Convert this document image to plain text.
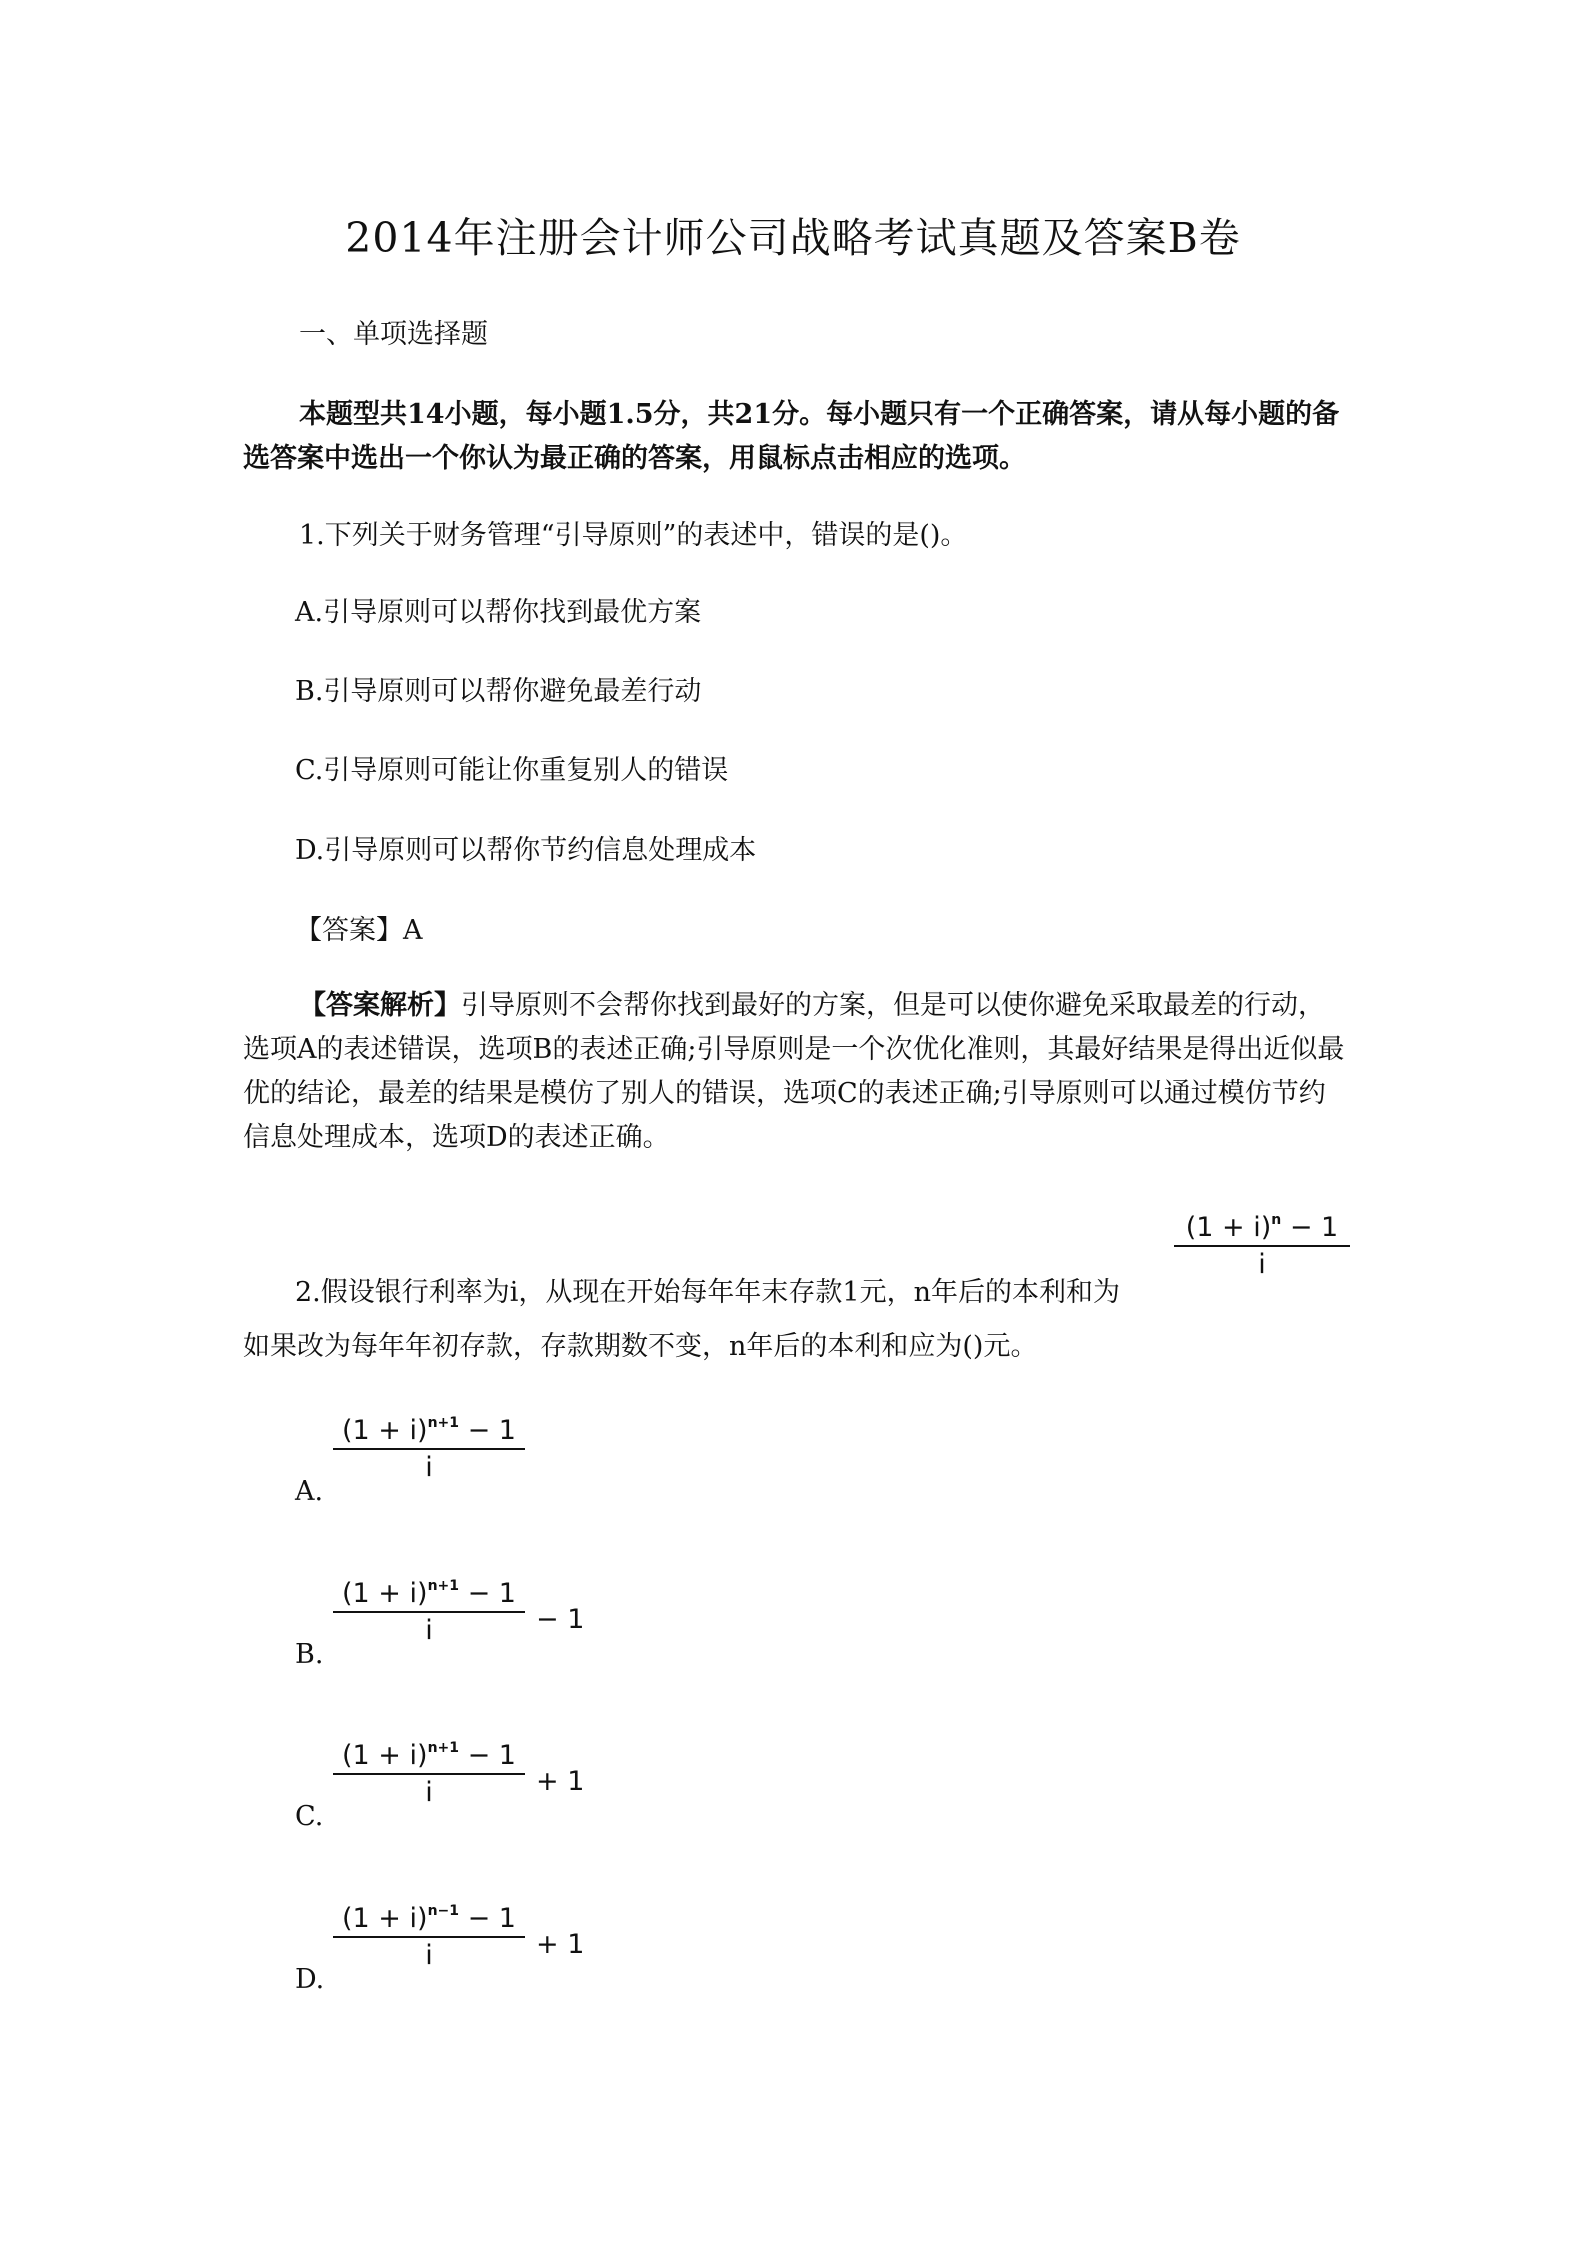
2014年注册会计师公司战略考试真题及答案B卷
一、单项选择题
本题型共14小题，每小题1.5分，共21分。每小题只有一个正确答案，请从每小题的备选答案中选出一个你认为最正确的答案，用鼠标点击相应的选项。
1.下列关于财务管理“引导原则”的表述中，错误的是()。
A.引导原则可以帮你找到最优方案
B.引导原则可以帮你避免最差行动
C.引导原则可能让你重复别人的错误
D.引导原则可以帮你节约信息处理成本
【答案】A
【答案解析】引导原则不会帮你找到最好的方案，但是可以使你避免采取最差的行动，选项A的表述错误，选项B的表述正确;引导原则是一个次优化准则，其最好结果是得出近似最优的结论，最差的结果是模仿了别人的错误，选项C的表述正确;引导原则可以通过模仿节约信息处理成本，选项D的表述正确。
$\frac{(1 + i)^n - 1}{i}$
2.假设银行利率为i，从现在开始每年年末存款1元，n年后的本利和为
如果改为每年年初存款，存款期数不变，n年后的本利和应为()元。
A.
$\frac{(1 + i)^{n+1} - 1}{i}$
B.
$\frac{(1 + i)^{n+1} - 1}{i} - 1$
C.
$\frac{(1 + i)^{n+1} - 1}{i} + 1$
D.
$\frac{(1 + i)^{n-1} - 1}{i} + 1$
